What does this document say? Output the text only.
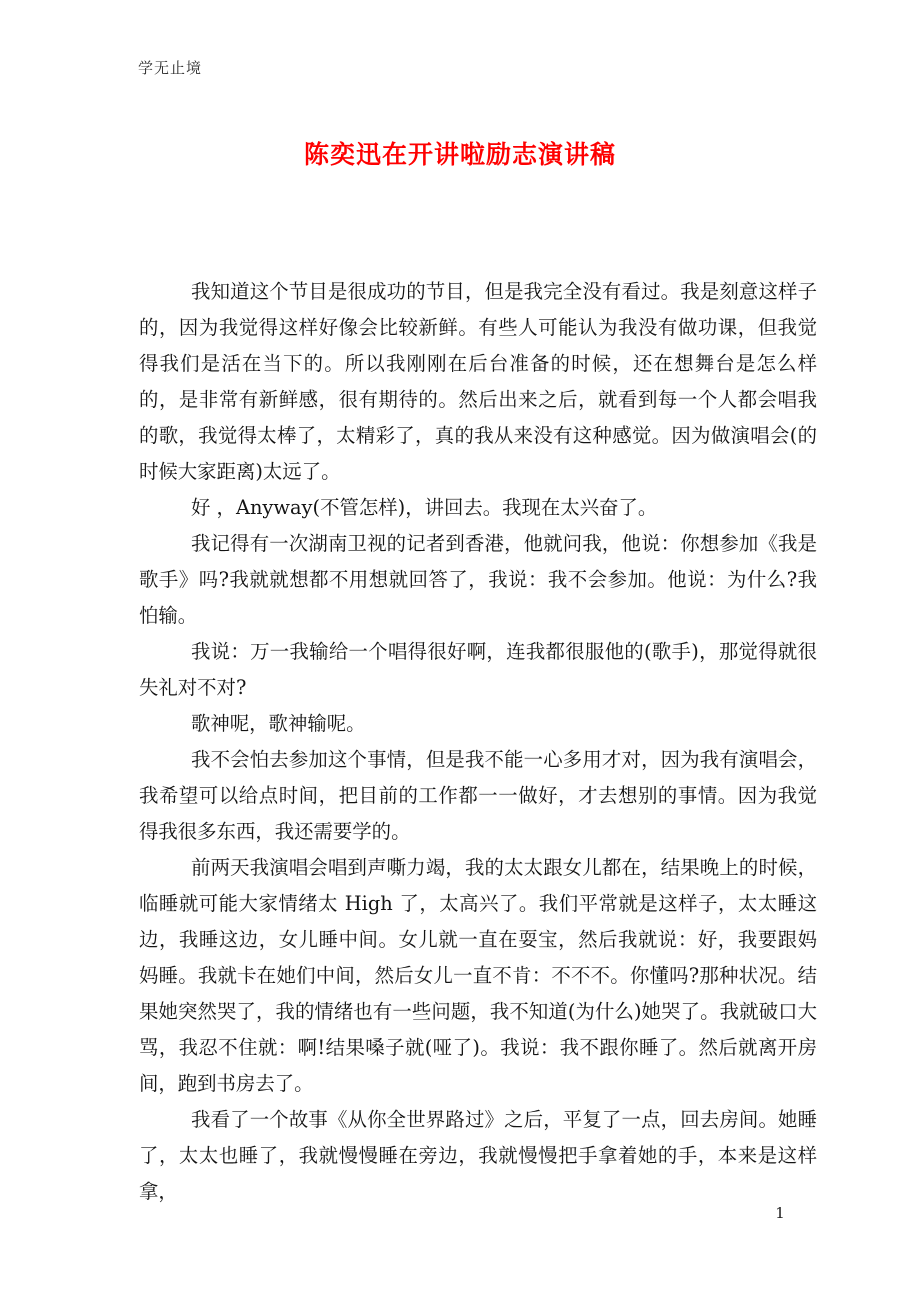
学无止境
陈奕迅在开讲啦励志演讲稿

我知道这个节目是很成功的节目，但是我完全没有看过。我是刻意这样子的，因为我觉得这样好像会比较新鲜。有些人可能认为我没有做功课，但我觉得我们是活在当下的。所以我刚刚在后台准备的时候，还在想舞台是怎么样的，是非常有新鲜感，很有期待的。然后出来之后，就看到每一个人都会唱我的歌，我觉得太棒了，太精彩了，真的我从来没有这种感觉。因为做演唱会(的时候大家距离)太远了。

好 ，Anyway(不管怎样)，讲回去。我现在太兴奋了。

我记得有一次湖南卫视的记者到香港，他就问我，他说：你想参加《我是歌手》吗?我就就想都不用想就回答了，我说：我不会参加。他说：为什么?我怕输。

我说：万一我输给一个唱得很好啊，连我都很服他的(歌手)，那觉得就很失礼对不对?

歌神呢，歌神输呢。

我不会怕去参加这个事情，但是我不能一心多用才对，因为我有演唱会，我希望可以给点时间，把目前的工作都一一做好，才去想别的事情。因为我觉得我很多东西，我还需要学的。

前两天我演唱会唱到声嘶力竭，我的太太跟女儿都在，结果晚上的时候，临睡就可能大家情绪太 High 了，太高兴了。我们平常就是这样子，太太睡这边，我睡这边，女儿睡中间。女儿就一直在耍宝，然后我就说：好，我要跟妈妈睡。我就卡在她们中间，然后女儿一直不肯：不不不。你懂吗?那种状况。结果她突然哭了，我的情绪也有一些问题，我不知道(为什么)她哭了。我就破口大骂，我忍不住就：啊!结果嗓子就(哑了)。我说：我不跟你睡了。然后就离开房间，跑到书房去了。

我看了一个故事《从你全世界路过》之后，平复了一点，回去房间。她睡了，太太也睡了，我就慢慢睡在旁边，我就慢慢把手拿着她的手，本来是这样拿，

1
